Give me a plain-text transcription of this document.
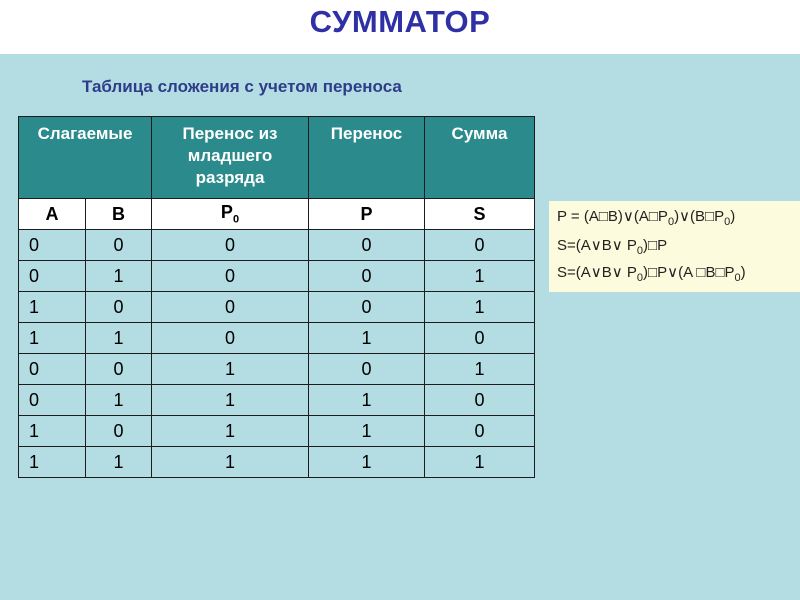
СУММАТОР
Таблица сложения с учетом переноса
Слагаемые		Перенос из младшего разряда	Перенос	Сумма
A	B	$P_0$	P	S
0	0	0	0	0
0	1	0	0	1
1	0	0	0	1
1	1	0	1	0
0	0	1	0	1
0	1	1	1	0
1	0	1	1	0
1	1	1	1	1
$P = (A□B)\vee(A□P_0)\vee(B□P_0)$
S=(A∨B∨ $P_0)□P$
S=(A∨B∨ $P_0)□P\vee(A$ $□B□P_0$)
